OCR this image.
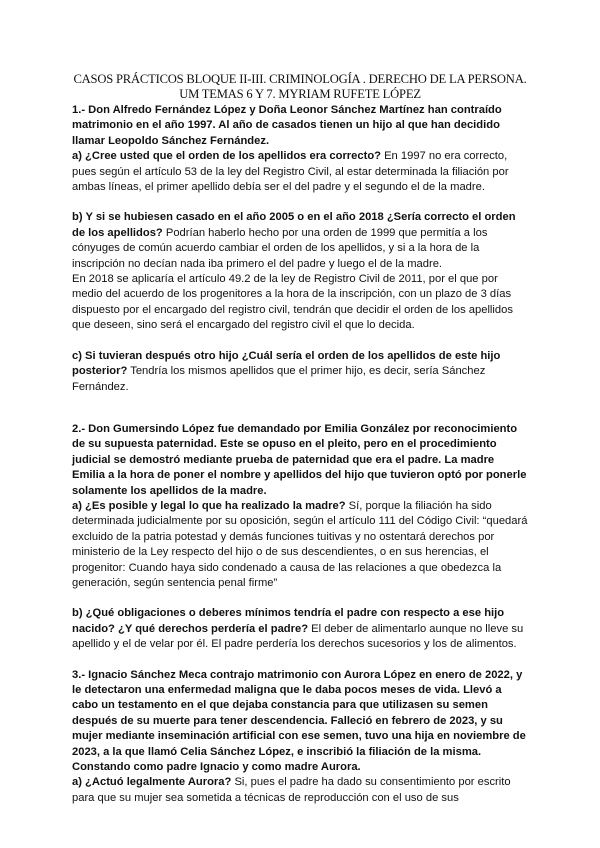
CASOS PRÁCTICOS BLOQUE II-III. CRIMINOLOGÍA . DERECHO DE LA PERSONA.
UM TEMAS 6 Y 7. MYRIAM RUFETE LÓPEZ

1.- Don Alfredo Fernández López y Doña Leonor Sánchez Martínez han contraído matrimonio en el año 1997. Al año de casados tienen un hijo al que han decidido llamar Leopoldo Sánchez Fernández.

a) ¿Cree usted que el orden de los apellidos era correcto? En 1997 no era correcto, pues según el artículo 53 de la ley del Registro Civil, al estar determinada la filiación por ambas líneas, el primer apellido debía ser el del padre y el segundo el de la madre.

b) Y si se hubiesen casado en el año 2005 o en el año 2018 ¿Sería correcto el orden de los apellidos? Podrían haberlo hecho por una orden de 1999 que permitía a los cónyuges de común acuerdo cambiar el orden de los apellidos, y si a la hora de la inscripción no decían nada iba primero el del padre y luego el de la madre.

En 2018 se aplicaría el artículo 49.2 de la ley de Registro Civil de 2011, por el que por medio del acuerdo de los progenitores a la hora de la inscripción, con un plazo de 3 días dispuesto por el encargado del registro civil, tendrán que decidir el orden de los apellidos que deseen, sino será el encargado del registro civil el que lo decida.

c) Si tuvieran después otro hijo ¿Cuál sería el orden de los apellidos de este hijo posterior? Tendría los mismos apellidos que el primer hijo, es decir, sería Sánchez Fernández.

2.- Don Gumersindo López fue demandado por Emilia González por reconocimiento de su supuesta paternidad. Este se opuso en el pleito, pero en el procedimiento judicial se demostró mediante prueba de paternidad que era el padre. La madre Emilia a la hora de poner el nombre y apellidos del hijo que tuvieron optó por ponerle solamente los apellidos de la madre.

a) ¿Es posible y legal lo que ha realizado la madre? Sí, porque la filiación ha sido determinada judicialmente por su oposición, según el artículo 111 del Código Civil: “quedará excluido de la patria potestad y demás funciones tuitivas y no ostentará derechos por ministerio de la Ley respecto del hijo o de sus descendientes, o en sus herencias, el progenitor: Cuando haya sido condenado a causa de las relaciones a que obedezca la generación, según sentencia penal firme”

b) ¿Qué obligaciones o deberes mínimos tendría el padre con respecto a ese hijo nacido? ¿Y qué derechos perdería el padre? El deber de alimentarlo aunque no lleve su apellido y el de velar por él. El padre perdería los derechos sucesorios y los de alimentos.

3.- Ignacio Sánchez Meca contrajo matrimonio con Aurora López en enero de 2022, y le detectaron una enfermedad maligna que le daba pocos meses de vida. Llevó a cabo un testamento en el que dejaba constancia para que utilizasen su semen después de su muerte para tener descendencia. Falleció en febrero de 2023, y su mujer mediante inseminación artificial con ese semen, tuvo una hija en noviembre de 2023, a la que llamó Celia Sánchez López, e inscribió la filiación de la misma. Constando como padre Ignacio y como madre Aurora.

a) ¿Actuó legalmente Aurora? Si, pues el padre ha dado su consentimiento por escrito para que su mujer sea sometida a técnicas de reproducción con el uso de sus
